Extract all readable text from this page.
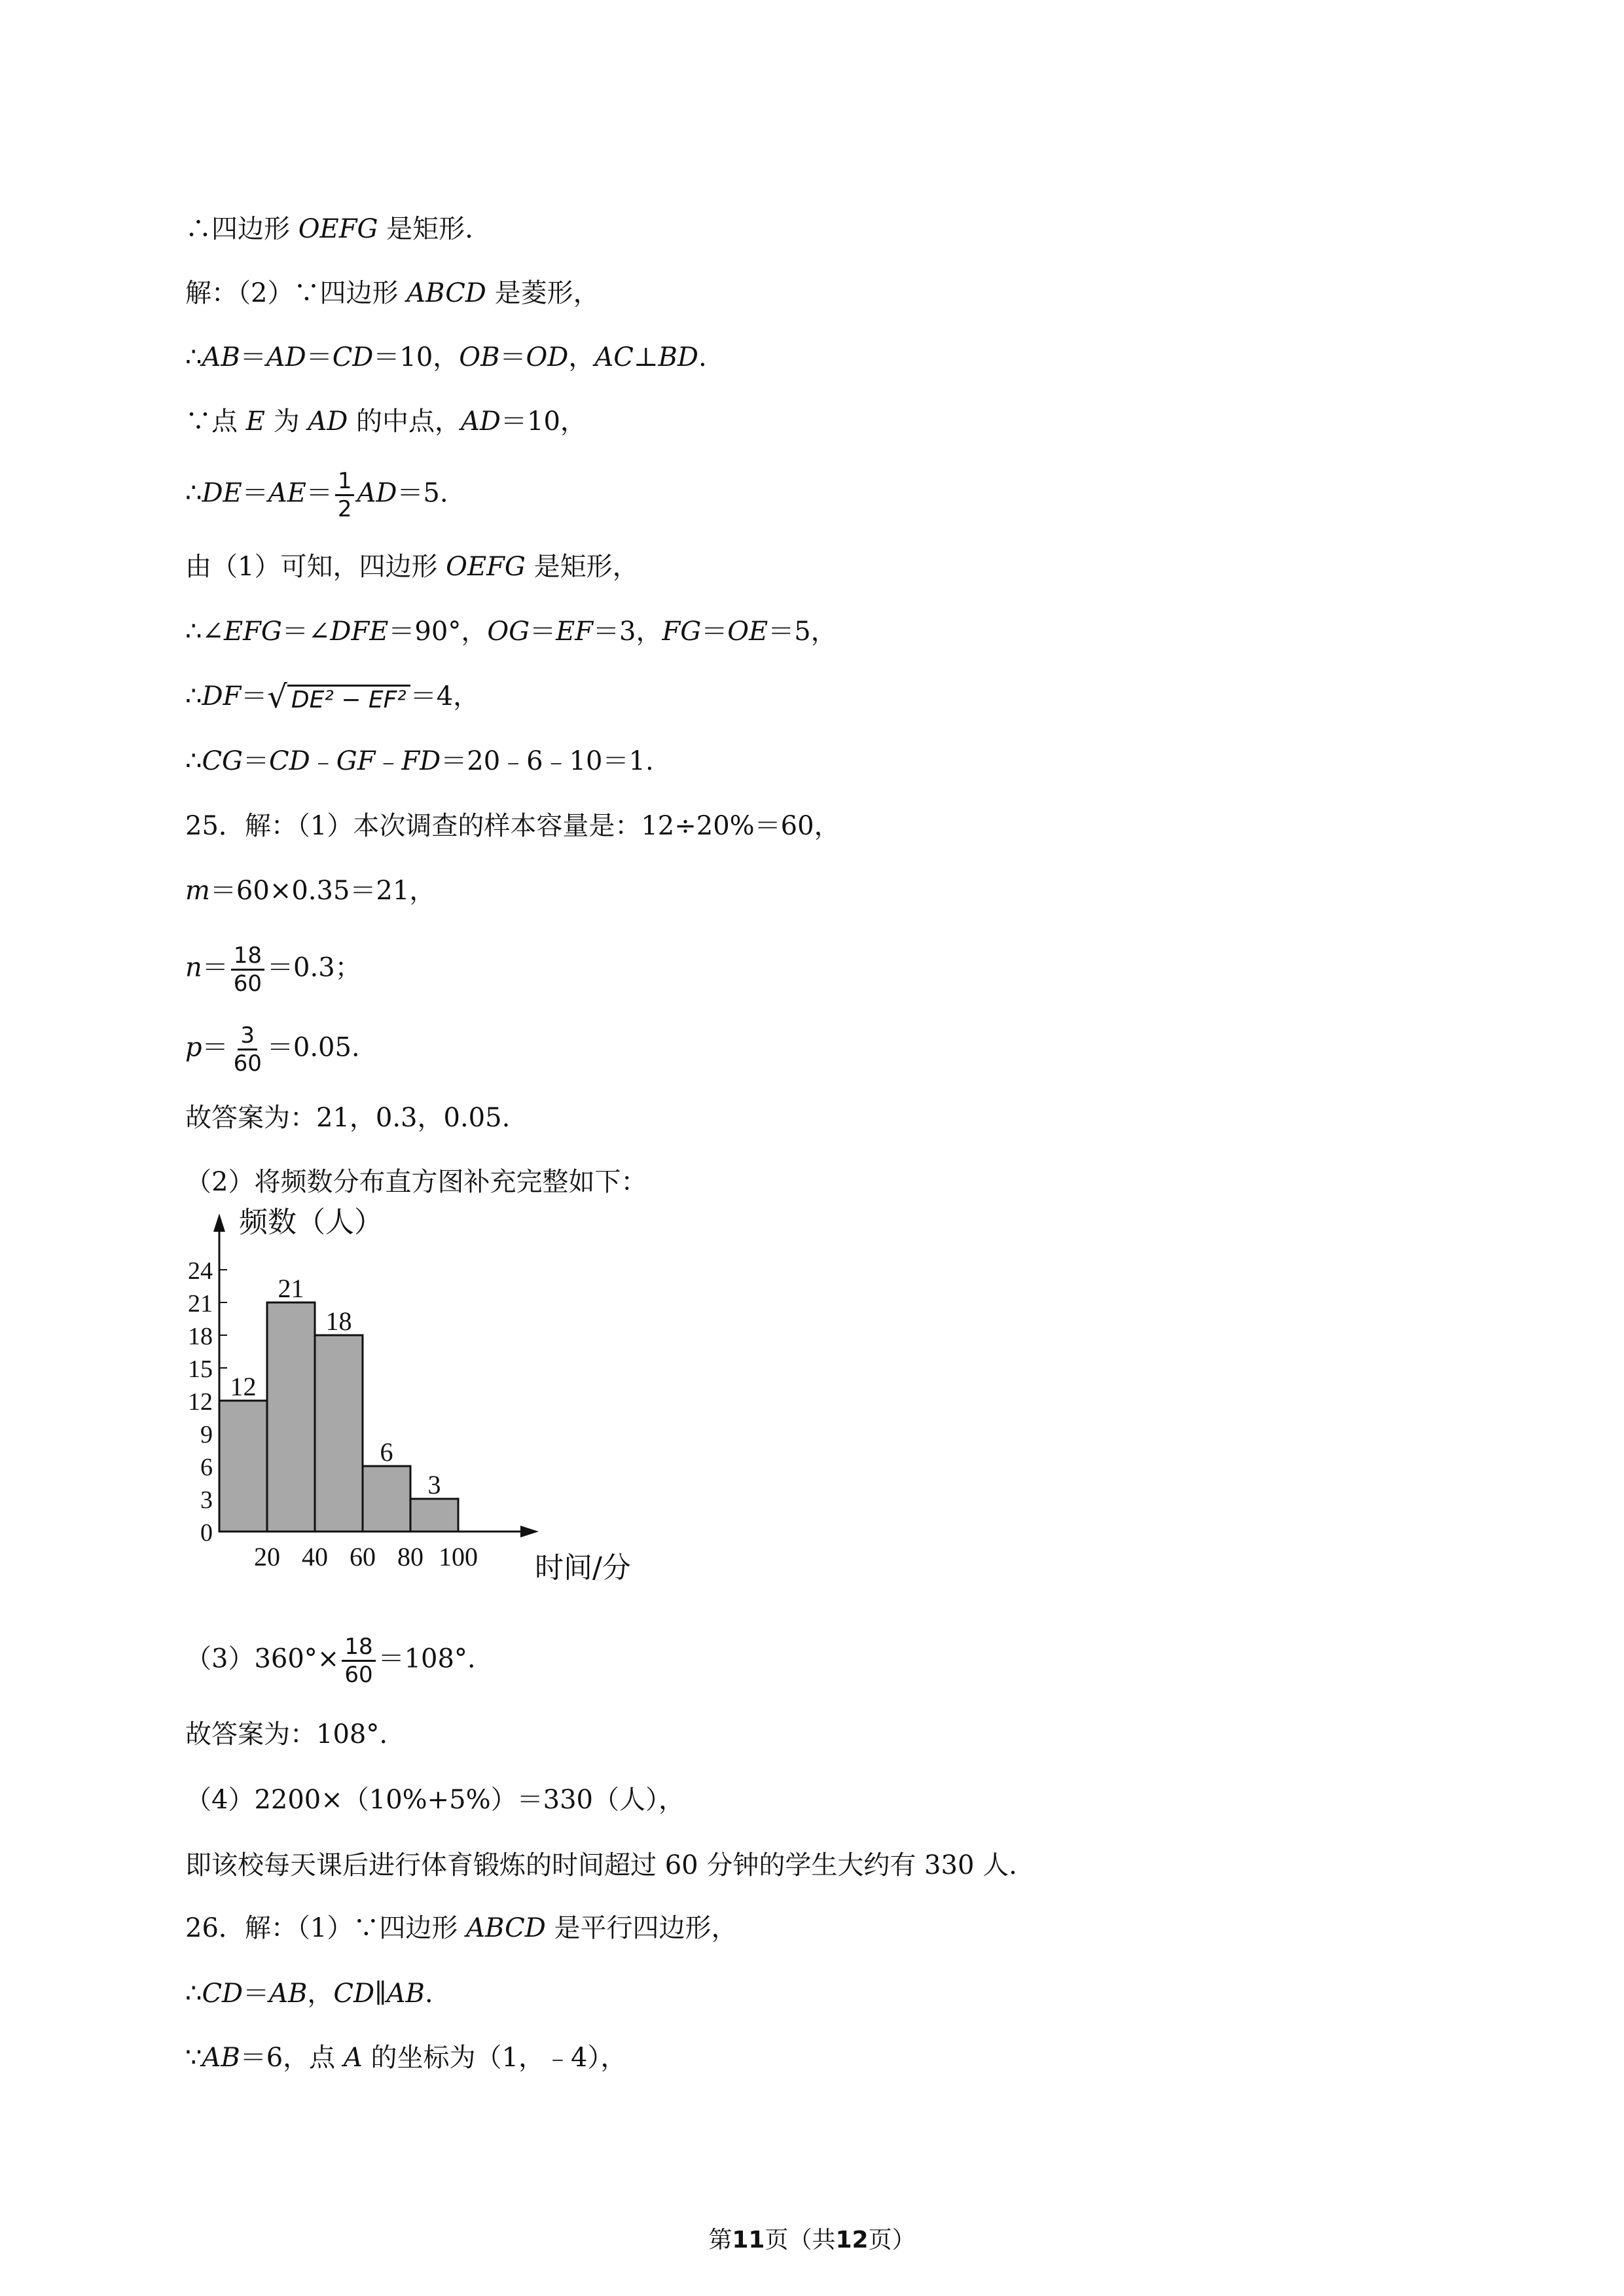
∴四边形 OEFG 是矩形.
解：（2）∵四边形 ABCD 是菱形，
∴AB＝AD＝CD＝10，OB＝OD，AC⊥BD.
∵点 E 为 AD 的中点，AD＝10，
∴DE＝AE＝ $\frac{1}{2} AD=5$.
由（1）可知，四边形 OEFG 是矩形，
∴∠EFG＝∠DFE＝90°，OG＝EF＝3，FG＝OE＝5，
∴DF＝√ DE² − EF² ＝4，
∴CG＝CD﹣GF﹣FD＝20﹣6﹣10＝1.
25．解：（1）本次调查的样本容量是：12÷20%＝60，
m＝60×0.35＝21，
$n= \frac{18}{60} =0.3$；
$p= \frac{3}{60} =0.05$.
故答案为：21，0.3，0.05.
（2）将频数分布直方图补充完整如下：
0
3
6
9
12
15
18
21
24
12
21
18
6
3
20 40 60 80 100
频数（人）
时间/分
$(3)360^\circ\times \frac{18}{60} =108^\circ$.
故答案为：108°.
（4）2200×（10%+5%）＝330（人），
即该校每天课后进行体育锻炼的时间超过 60 分钟的学生大约有 330 人.
26．解：（1）∵四边形 ABCD 是平行四边形，
∴CD＝AB，CD∥AB.
∵AB＝6，点 A 的坐标为（1，﹣4），
第11页（共12页）
